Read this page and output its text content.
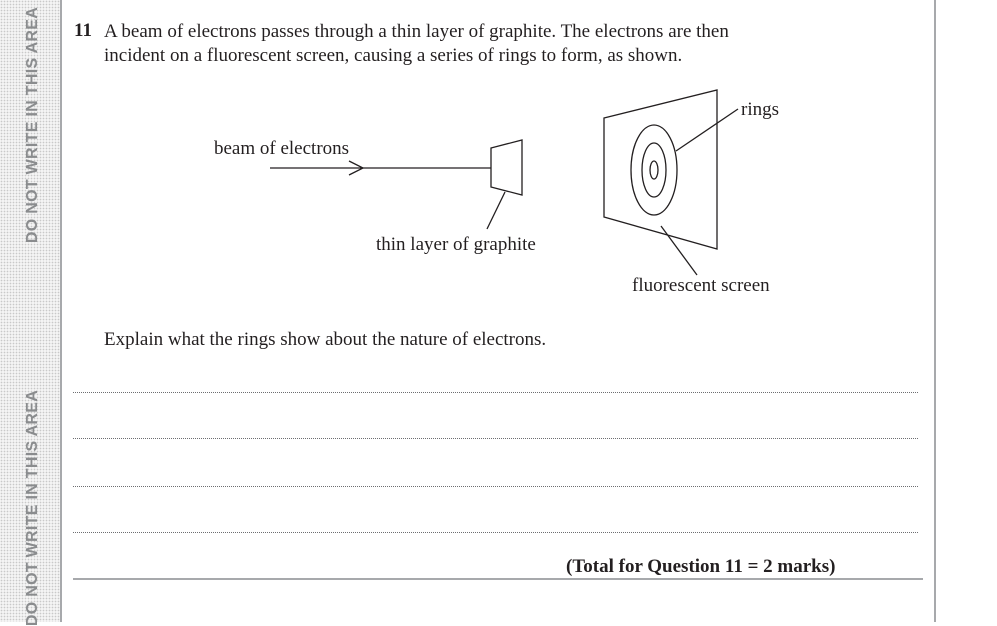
DO NOT WRITE IN THIS AREA
DO NOT WRITE IN THIS AREA
11 A beam of electrons passes through a thin layer of graphite. The electrons are then
incident on a fluorescent screen, causing a series of rings to form, as shown.
beam of electrons
thin layer of graphite
rings
fluorescent screen
Explain what the rings show about the nature of electrons.
(Total for Question 11 = 2 marks)
